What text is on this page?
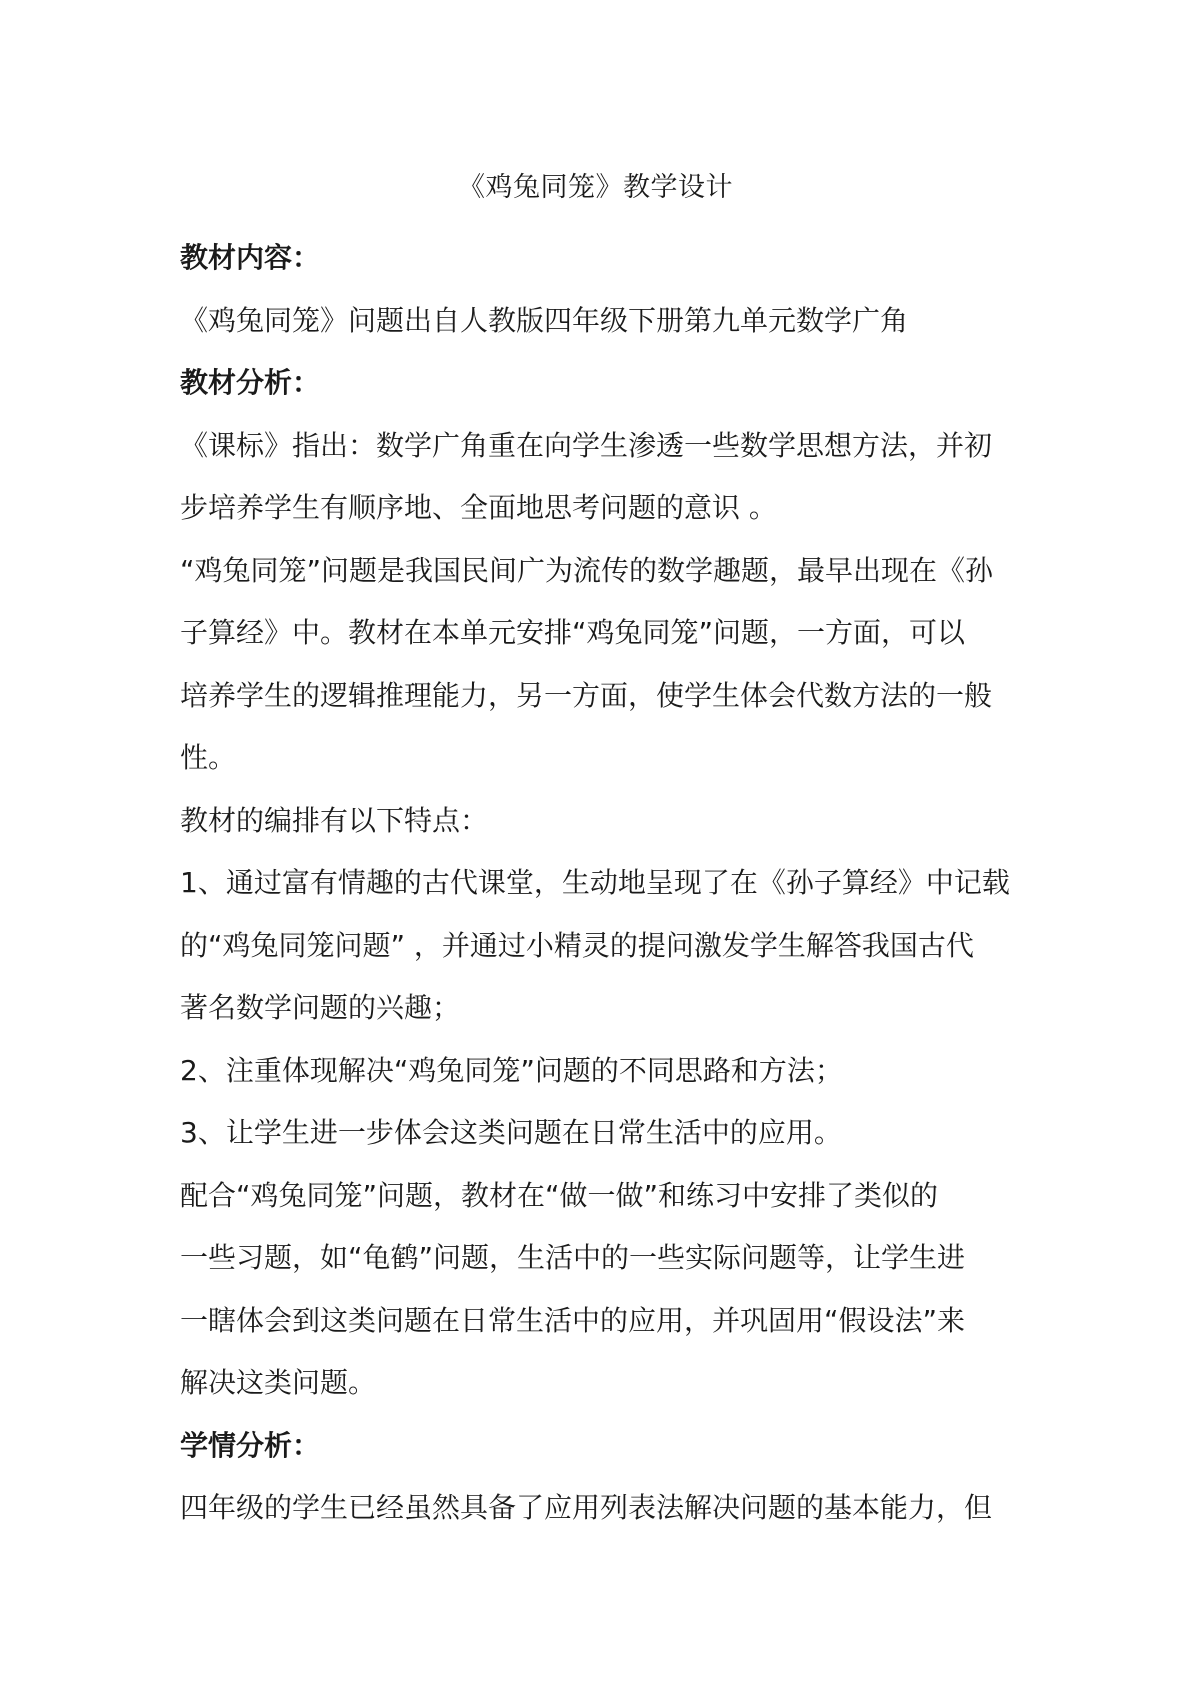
《鸡兔同笼》教学设计
教材内容：
《鸡兔同笼》问题出自人教版四年级下册第九单元数学广角
教材分析：
《课标》指出：数学广角重在向学生渗透一些数学思想方法，并初
步培养学生有顺序地、全面地思考问题的意识 。
“鸡兔同笼”问题是我国民间广为流传的数学趣题，最早出现在《孙
子算经》中。教材在本单元安排“鸡兔同笼”问题，一方面，可以
培养学生的逻辑推理能力，另一方面，使学生体会代数方法的一般
性。
教材的编排有以下特点：
1、通过富有情趣的古代课堂，生动地呈现了在《孙子算经》中记载
的“鸡兔同笼问题” ，并通过小精灵的提问激发学生解答我国古代
著名数学问题的兴趣；
2、注重体现解决“鸡兔同笼”问题的不同思路和方法；
3、让学生进一步体会这类问题在日常生活中的应用。
配合“鸡兔同笼”问题，教材在“做一做”和练习中安排了类似的
一些习题，如“龟鹤”问题，生活中的一些实际问题等，让学生进
一瞎体会到这类问题在日常生活中的应用，并巩固用“假设法”来
解决这类问题。
学情分析：
四年级的学生已经虽然具备了应用列表法解决问题的基本能力，但
